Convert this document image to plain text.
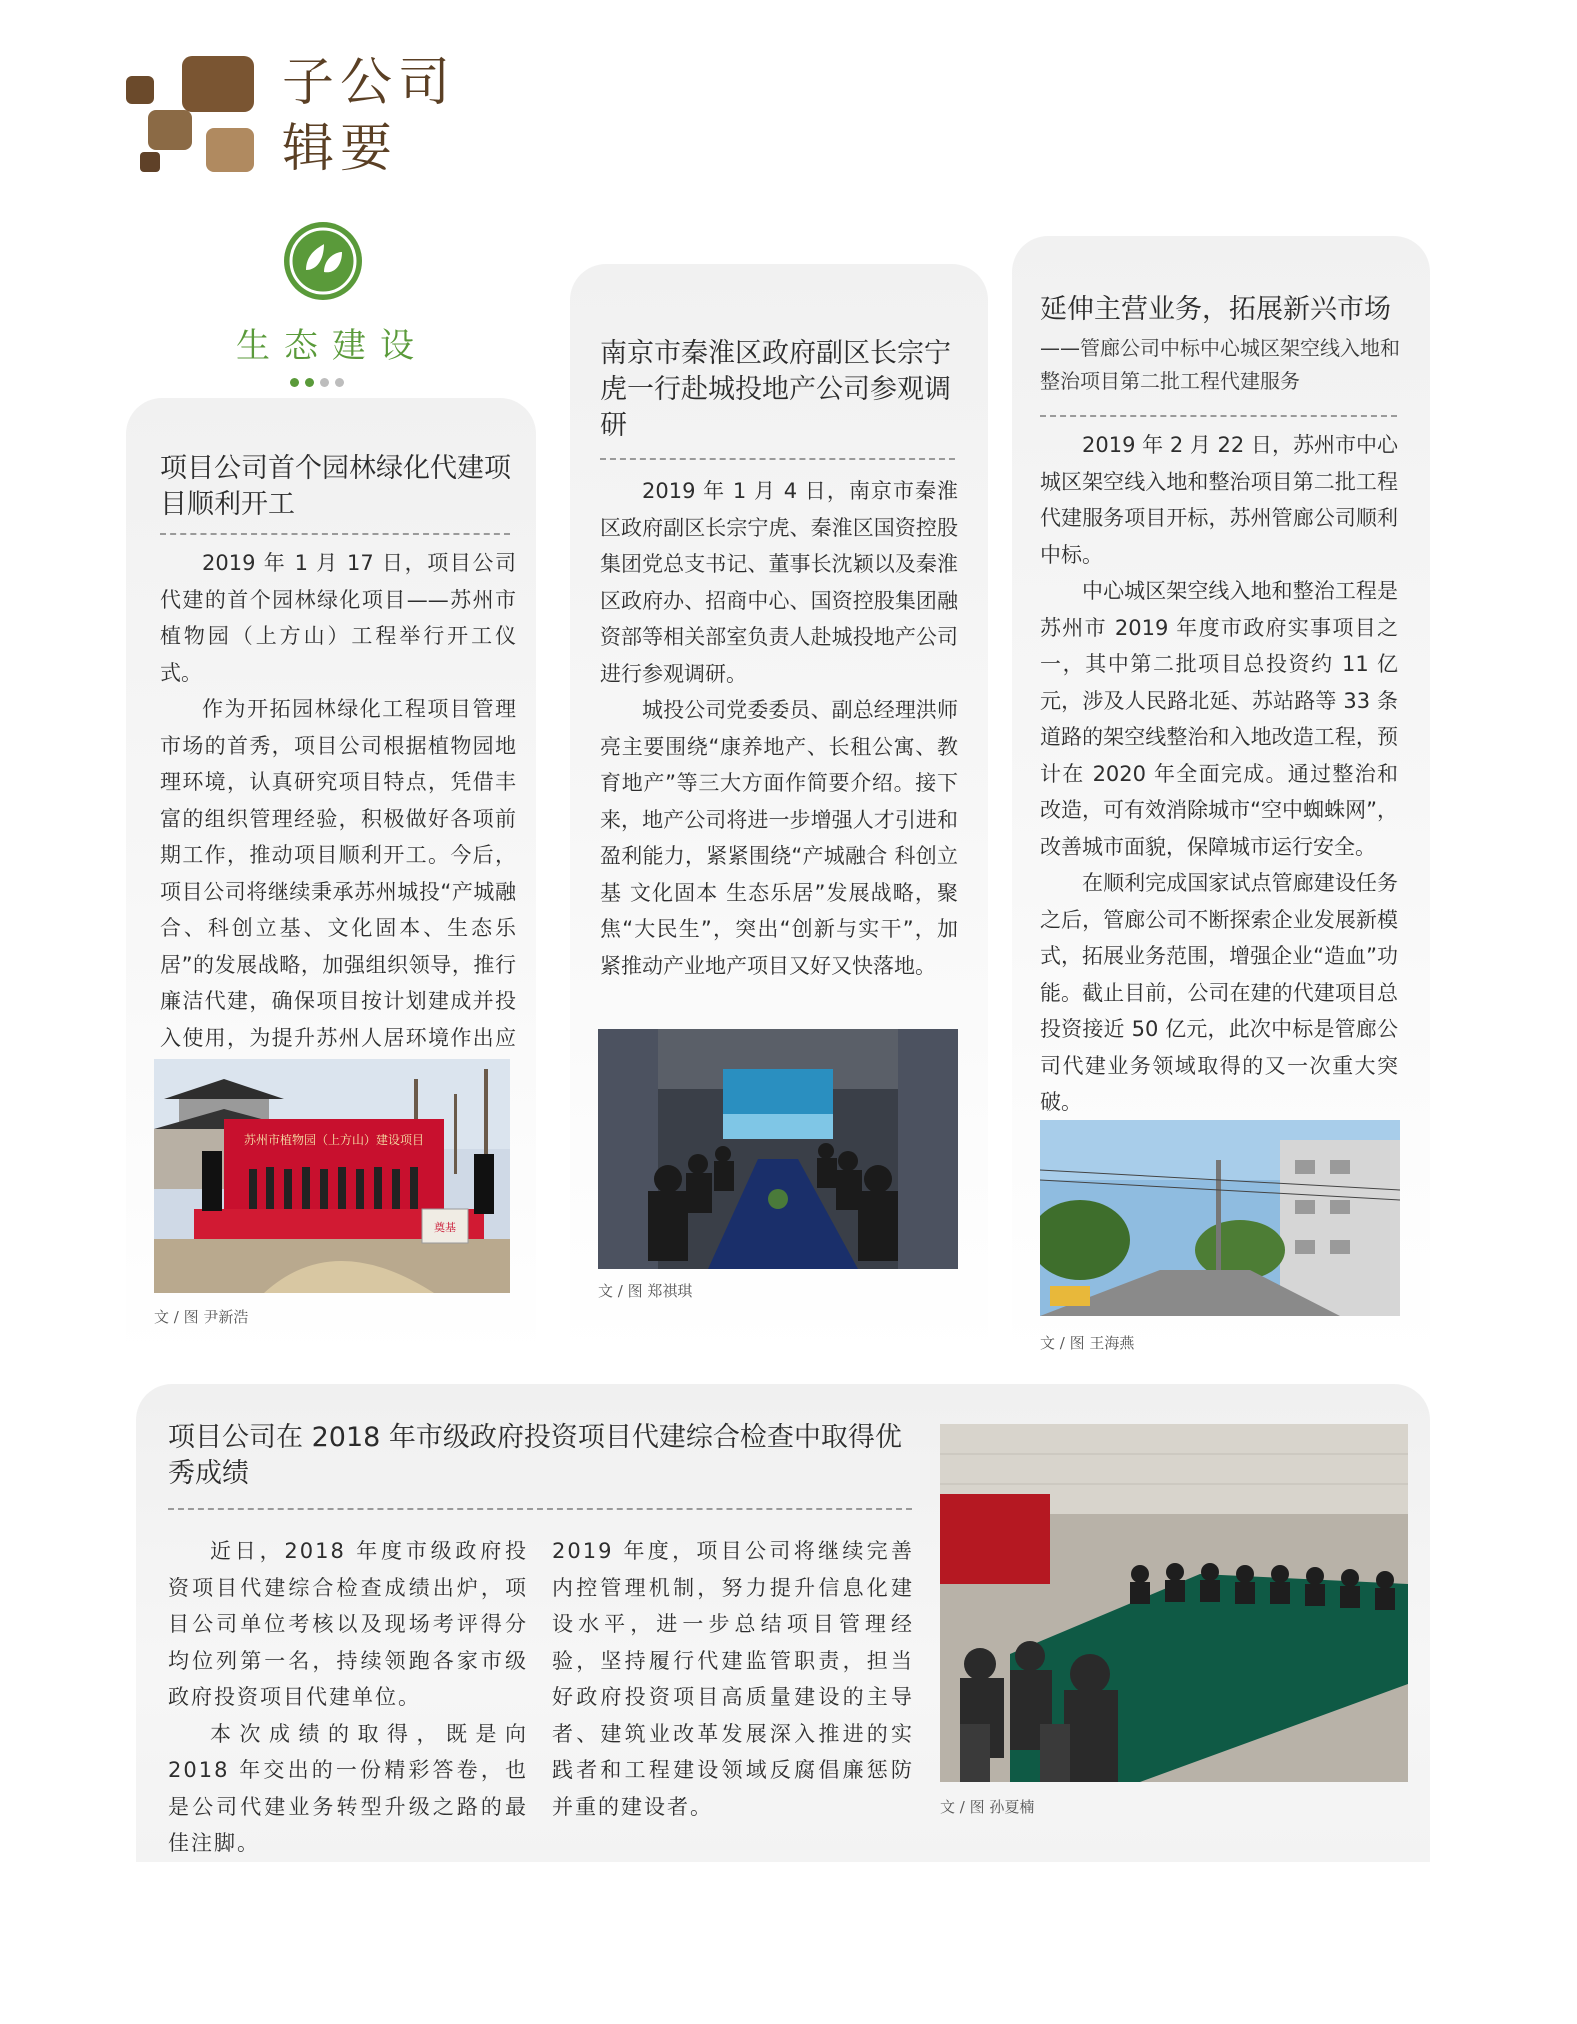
子公司
辑要
生态建设
项目公司首个园林绿化代建项目顺利开工

2019 年 1 月 17 日，项目公司代建的首个园林绿化项目——苏州市植物园（上方山）工程举行开工仪式。

作为开拓园林绿化工程项目管理市场的首秀，项目公司根据植物园地理环境，认真研究项目特点，凭借丰富的组织管理经验，积极做好各项前期工作，推动项目顺利开工。今后，项目公司将继续秉承苏州城投“产城融合、科创立基、文化固本、生态乐居”的发展战略，加强组织领导，推行廉洁代建，确保项目按计划建成并投入使用，为提升苏州人居环境作出应

苏州市植物园（上方山）建设项目
奠基
文 / 图 尹新浩
南京市秦淮区政府副区长宗宁虎一行赴城投地产公司参观调研

2019 年 1 月 4 日，南京市秦淮区政府副区长宗宁虎、秦淮区国资控股集团党总支书记、董事长沈颖以及秦淮区政府办、招商中心、国资控股集团融资部等相关部室负责人赴城投地产公司进行参观调研。

城投公司党委委员、副总经理洪师亮主要围绕“康养地产、长租公寓、教育地产”等三大方面作简要介绍。接下来，地产公司将进一步增强人才引进和盈利能力，紧紧围绕“产城融合 科创立基 文化固本 生态乐居”发展战略，聚焦“大民生”，突出“创新与实干”，加紧推动产业地产项目又好又快落地。

文 / 图 郑祺琪
延伸主营业务，拓展新兴市场
——管廊公司中标中心城区架空线入地和整治项目第二批工程代建服务

2019 年 2 月 22 日，苏州市中心城区架空线入地和整治项目第二批工程代建服务项目开标，苏州管廊公司顺利中标。

中心城区架空线入地和整治工程是苏州市 2019 年度市政府实事项目之一，其中第二批项目总投资约 11 亿元，涉及人民路北延、苏站路等 33 条道路的架空线整治和入地改造工程，预计在 2020 年全面完成。通过整治和改造，可有效消除城市“空中蜘蛛网”，改善城市面貌，保障城市运行安全。

在顺利完成国家试点管廊建设任务之后，管廊公司不断探索企业发展新模式，拓展业务范围，增强企业“造血”功能。截止目前，公司在建的代建项目总投资接近 50 亿元，此次中标是管廊公司代建业务领域取得的又一次重大突破。

文 / 图 王海燕
项目公司在 2018 年市级政府投资项目代建综合检查中取得优秀成绩

近日，2018 年度市级政府投资项目代建综合检查成绩出炉，项目公司单位考核以及现场考评得分均位列第一名，持续领跑各家市级政府投资项目代建单位。

本次成绩的取得，既是向 2018 年交出的一份精彩答卷，也是公司代建业务转型升级之路的最佳注脚。

2019 年度，项目公司将继续完善内控管理机制，努力提升信息化建设水平，进一步总结项目管理经验，坚持履行代建监管职责，担当好政府投资项目高质量建设的主导者、建筑业改革发展深入推进的实践者和工程建设领域反腐倡廉惩防并重的建设者。	文 / 图 孙夏楠
